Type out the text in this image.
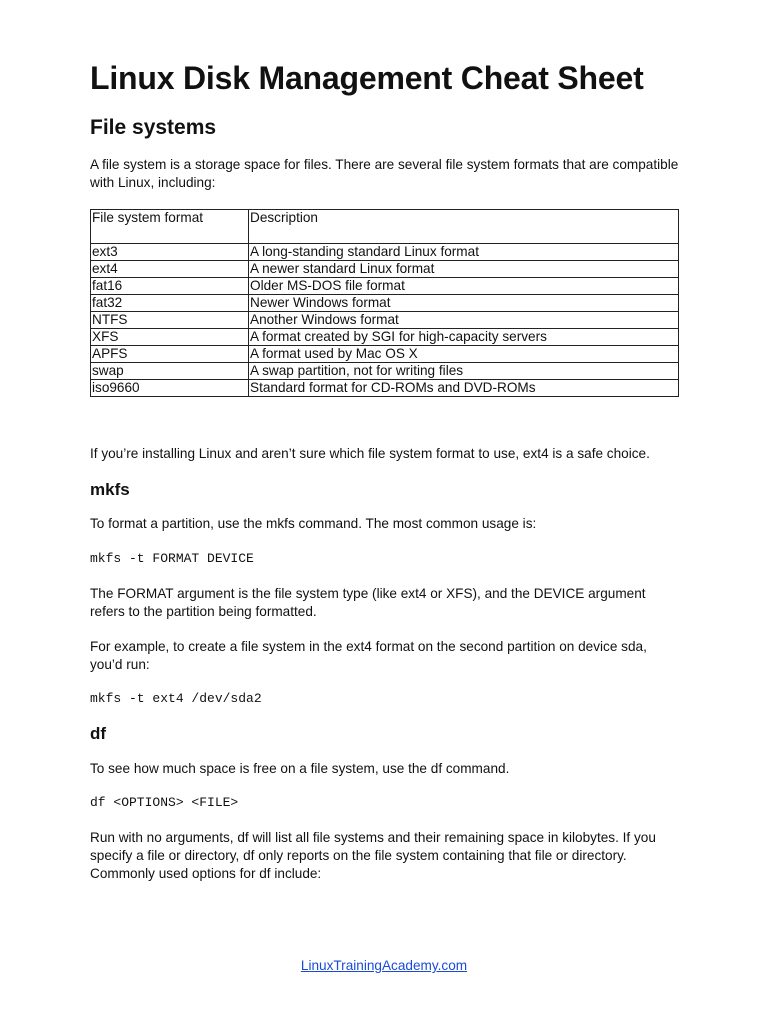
Linux Disk Management Cheat Sheet
File systems

A file system is a storage space for files. There are several file system formats that are compatible with Linux, including:

File system format	Description
ext3	A long-standing standard Linux format
ext4	A newer standard Linux format
fat16	Older MS-DOS file format
fat32	Newer Windows format
NTFS	Another Windows format
XFS	A format created by SGI for high-capacity servers
APFS	A format used by Mac OS X
swap	A swap partition, not for writing files
iso9660	Standard format for CD-ROMs and DVD-ROMs

If you’re installing Linux and aren’t sure which file system format to use, ext4 is a safe choice.

mkfs

To format a partition, use the mkfs command. The most common usage is:

mkfs -t FORMAT DEVICE

The FORMAT argument is the file system type (like ext4 or XFS), and the DEVICE argument refers to the partition being formatted.

For example, to create a file system in the ext4 format on the second partition on device sda, you’d run:

mkfs -t ext4 /dev/sda2
df

To see how much space is free on a file system, use the df command.

df <OPTIONS> <FILE>

Run with no arguments, df will list all file systems and their remaining space in kilobytes. If you specify a file or directory, df only reports on the file system containing that file or directory. Commonly used options for df include:

LinuxTrainingAcademy.com
